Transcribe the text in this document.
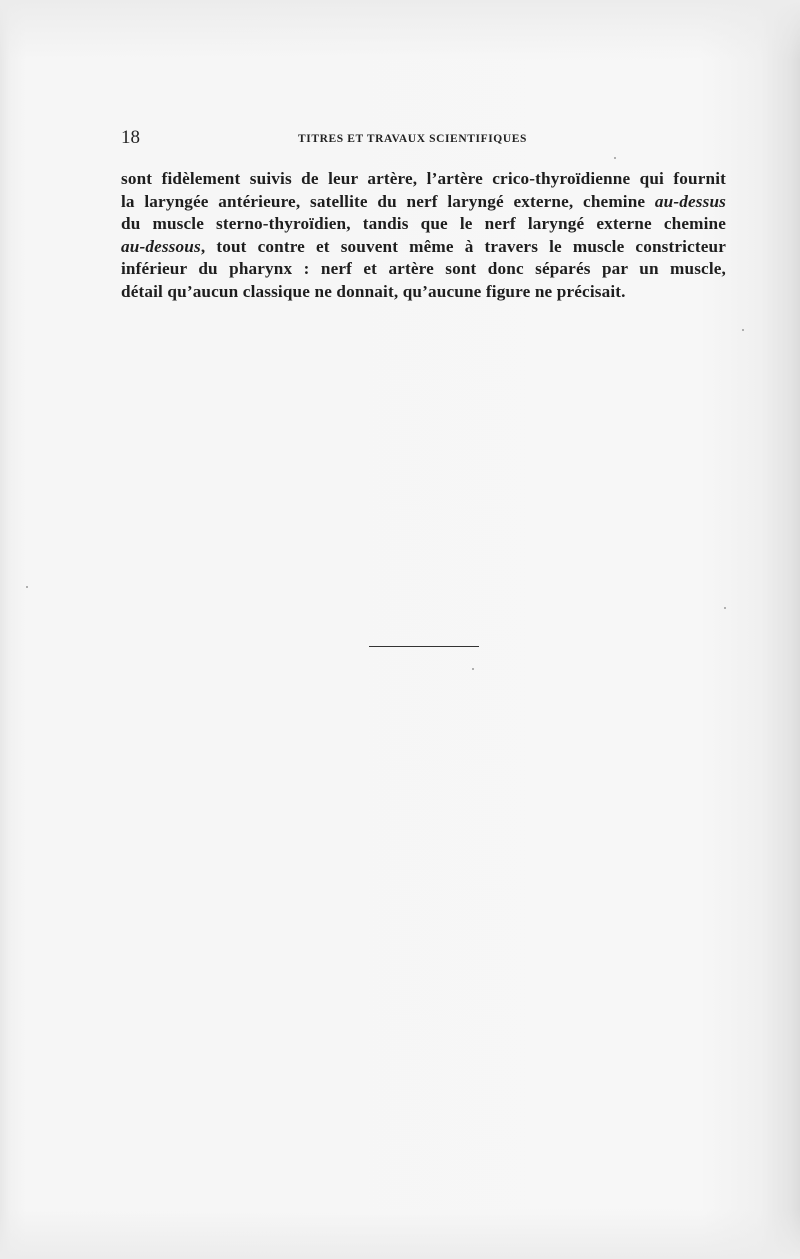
18	TITRES ET TRAVAUX SCIENTIFIQUES
sont fidèlement suivis de leur artère, l’artère crico-thyroïdienne qui fournit
la laryngée antérieure, satellite du nerf laryngé externe, chemine au-dessus
du muscle sterno-thyroïdien, tandis que le nerf laryngé externe chemine
au-dessous, tout contre et souvent même à travers le muscle constricteur
inférieur du pharynx : nerf et artère sont donc séparés par un muscle,
détail qu’aucun classique ne donnait, qu’aucune figure ne précisait.
